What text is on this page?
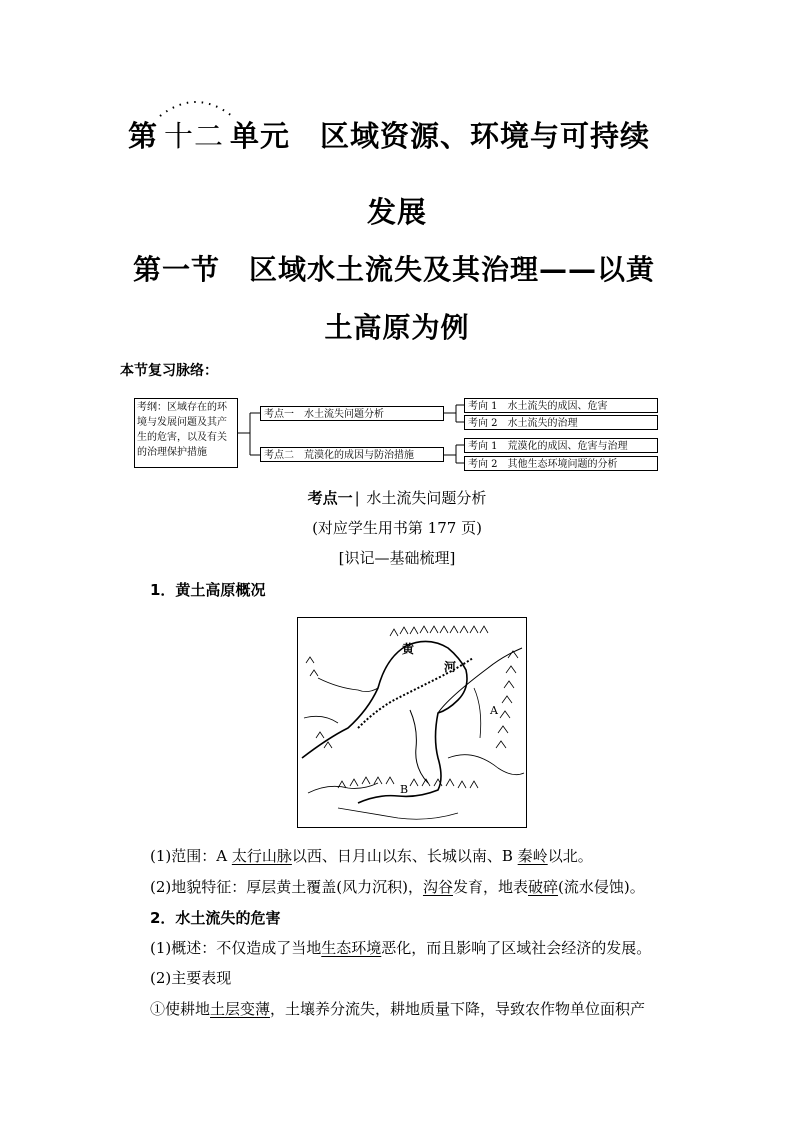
第 十二 单元　区域资源、环境与可持续
发展
第一节　区域水土流失及其治理——以黄
土高原为例
本节复习脉络：
考纲：区域存在的环境与发展问题及其产生的危害，以及有关的治理保护措施
考点一　水土流失问题分析
考点二　荒漠化的成因与防治措施
考向 1　水土流失的成因、危害
考向 2　水土流失的治理
考向 1　荒漠化的成因、危害与治理
考向 2　其他生态环境问题的分析
考点一 | 水土流失问题分析
(对应学生用书第 177 页)
[识记—基础梳理]
1．黄土高原概况
黄
河
A
B
(1)范围：A 太行山脉以西、日月山以东、长城以南、B 秦岭以北。
(2)地貌特征：厚层黄土覆盖(风力沉积)，沟谷发育，地表破碎(流水侵蚀)。
2．水土流失的危害
(1)概述：不仅造成了当地生态环境恶化，而且影响了区域社会经济的发展。
(2)主要表现
①使耕地土层变薄，土壤养分流失，耕地质量下降，导致农作物单位面积产
